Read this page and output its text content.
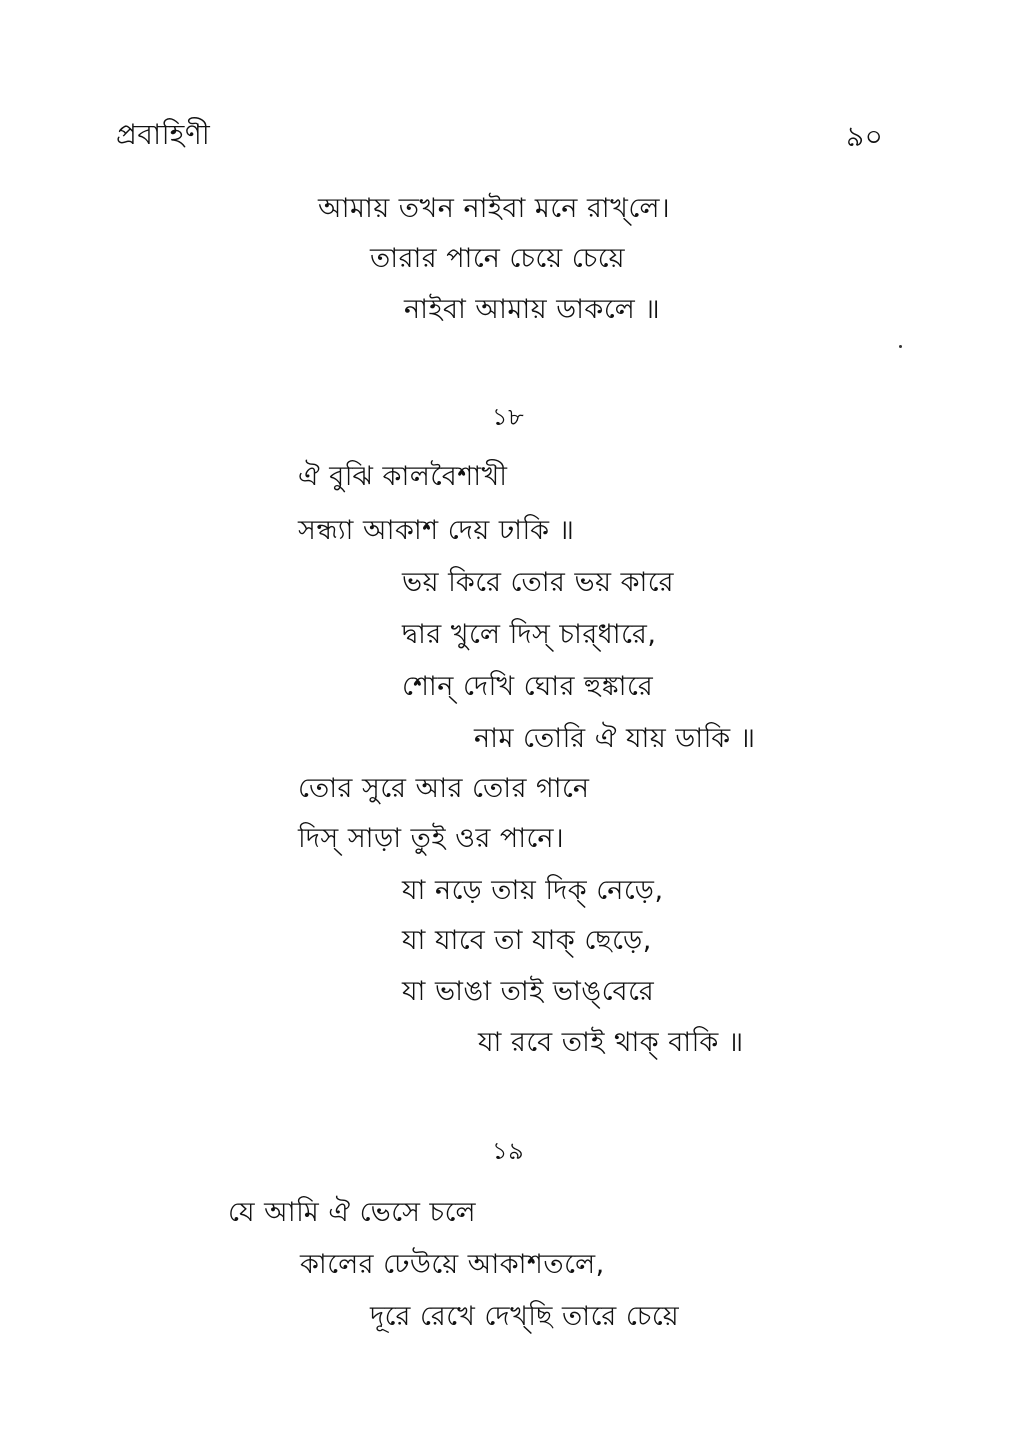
প্রবাহিণী	৯০
আমায় তখন নাইবা মনে রাখ্‌লে।
তারার পানে চেয়ে চেয়ে
নাইবা আমায় ডাকলে ॥
১৮
ঐ বুঝি কালবৈশাখী
সন্ধ্যা আকাশ দেয় ঢাকি ॥
ভয় কিরে তোর ভয় কারে
দ্বার খুলে দিস্ চার্‌ধারে,
শোন্ দেখি ঘোর হুঙ্কারে
নাম তোরি ঐ যায় ডাকি ॥
তোর সুরে আর তোর গানে
দিস্ সাড়া তুই ওর পানে।
যা নড়ে তায় দিক্ নেড়ে,
যা যাবে তা যাক্ ছেড়ে,
যা ভাঙা তাই ভাঙ্‌বেরে
যা রবে তাই থাক্ বাকি ॥
১৯
যে আমি ঐ ভেসে চলে
কালের ঢেউয়ে আকাশতলে,
দূরে রেখে দেখ্‌ছি তারে চেয়ে
